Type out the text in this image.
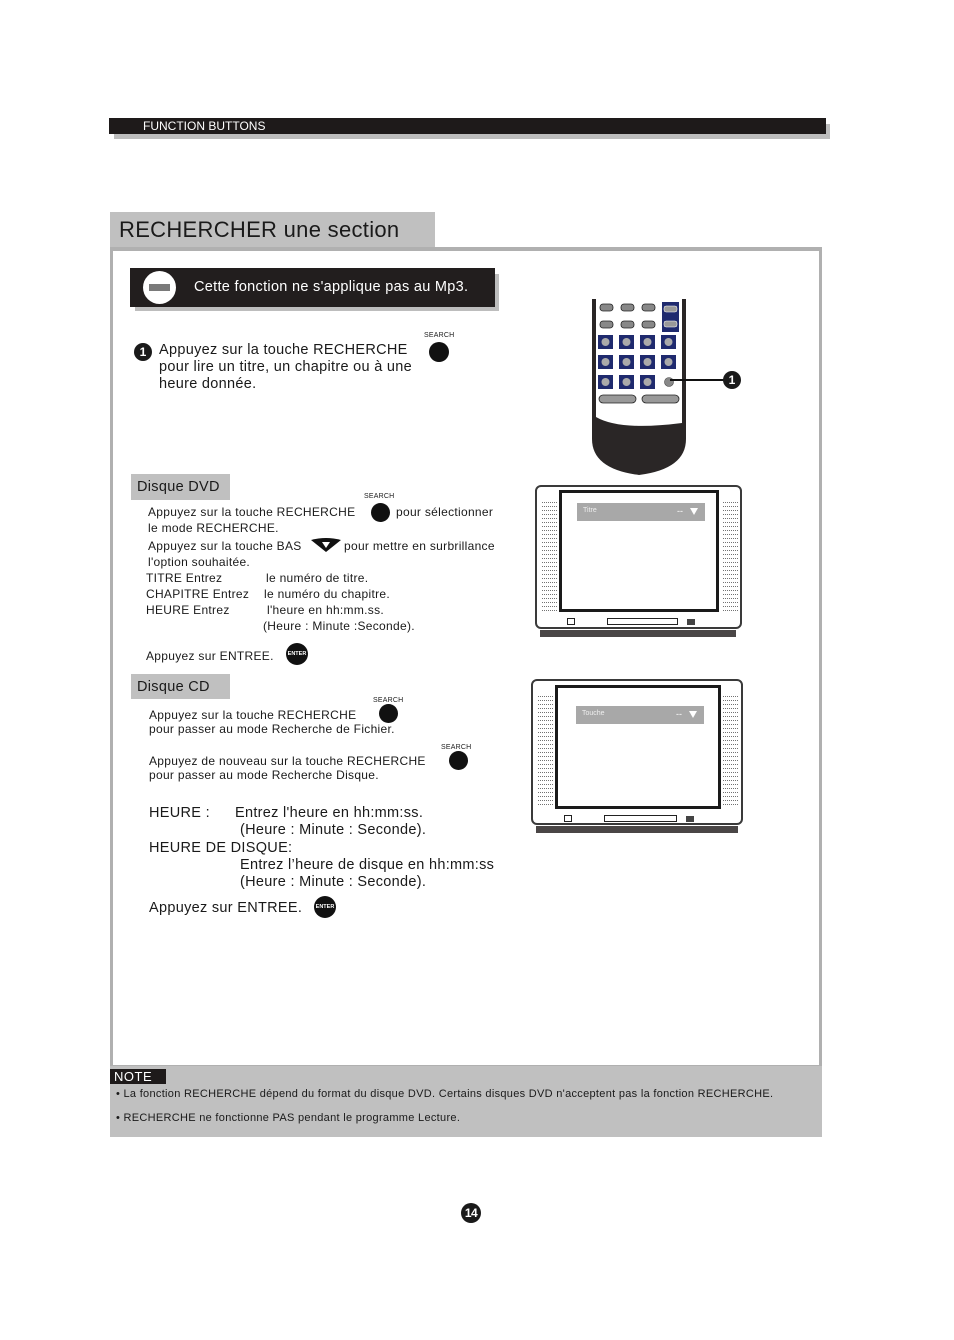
FUNCTION BUTTONS
RECHERCHER une section
Cette fonction ne s'applique pas au Mp3.
1 Appuyez sur la touche RECHERCHE
pour lire un titre, un chapitre ou à une
heure donnée.
SEARCH
1
Disque DVD
SEARCH
Appuyez sur la touche RECHERCHE	pour sélectionner
le mode RECHERCHE.
Appuyez sur la touche BAS	pour mettre en surbrillance
l'option souhaitée.
TITRE Entrez	le numéro de titre.
CHAPITRE Entrez le numéro du chapitre.
HEURE Entrez	l'heure en hh:mm.ss.
(Heure : Minute :Seconde).
Appuyez sur ENTREE.	ENTER
Titre	--
Disque CD
SEARCH
Appuyez sur la touche RECHERCHE
pour passer au mode Recherche de Fichier.
SEARCH
Appuyez de nouveau sur la touche RECHERCHE
pour passer au mode Recherche Disque.
HEURE : Entrez l'heure en hh:mm:ss.
(Heure : Minute : Seconde).
HEURE DE DISQUE:
Entrez l’heure de disque en hh:mm:ss
(Heure : Minute : Seconde).
Appuyez sur ENTREE.	ENTER
Touche	--
NOTE
• La fonction RECHERCHE dépend du format du disque DVD. Certains disques DVD n'acceptent pas la fonction RECHERCHE.
• RECHERCHE ne fonctionne PAS pendant le programme Lecture.
14
